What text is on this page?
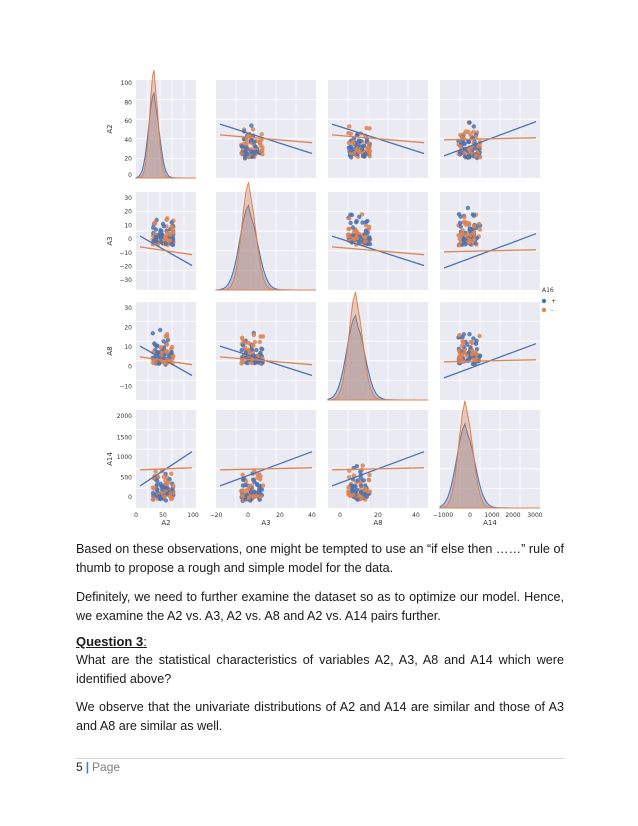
100
80
60
40
20
0
A2
30
20
10
0
−10
−20
−30
A3
30
20
10
0
−10
A8
2000
1500
1000
500
0
A14
0	50	100
A2
−20	0	20	40
A3
0	20	40
A8
−1000 0 1000 2000 3000
A14
A16
+
-

Based on these observations, one might be tempted to use an “if else then ……” rule of thumb to propose a rough and simple model for the data.

Definitely, we need to further examine the dataset so as to optimize our model. Hence, we examine the A2 vs. A3, A2 vs. A8 and A2 vs. A14 pairs further.

Question 3:

What are the statistical characteristics of variables A2, A3, A8 and A14 which were identified above?

We observe that the univariate distributions of A2 and A14 are similar and those of A3 and A8 are similar as well.

5 | Page
